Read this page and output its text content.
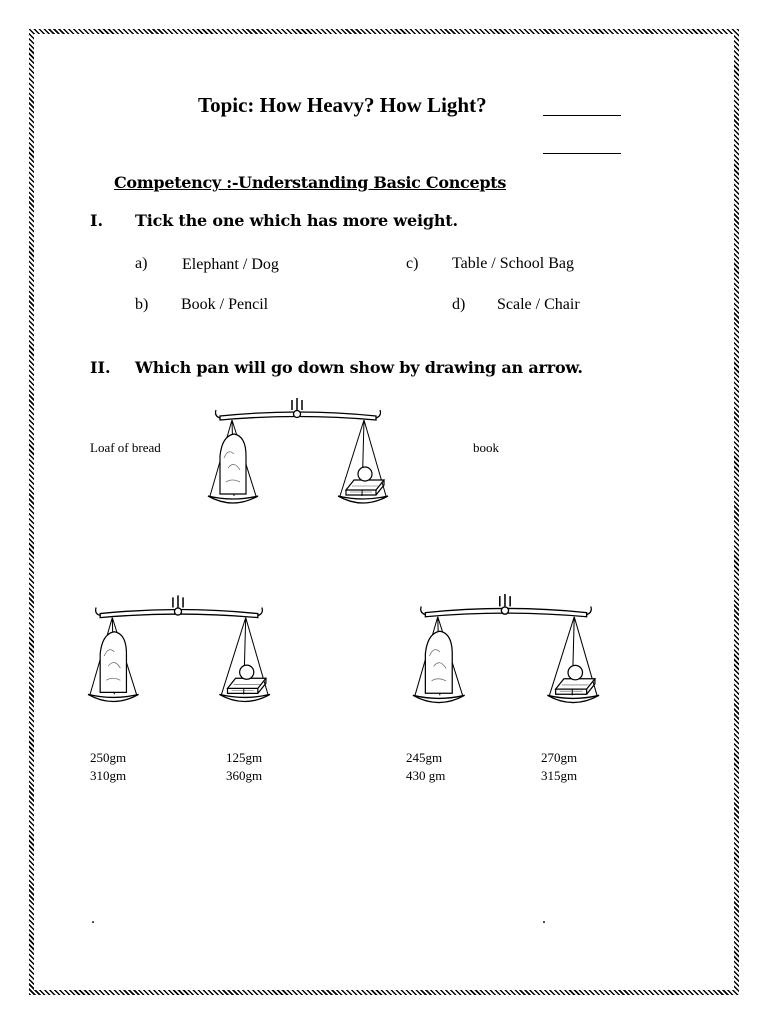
Topic: How Heavy? How Light?
Competency :-Understanding Basic Concepts
I. Tick the one which has more weight.
a) Elephant / Dog
b) Book / Pencil
c) Table / School Bag
d) Scale / Chair
II. Which pan will go down show by drawing an arrow.
Loaf of bread	book
250gm
310gm
125gm
360gm
245gm
430 gm
270gm
315gm
.	.
